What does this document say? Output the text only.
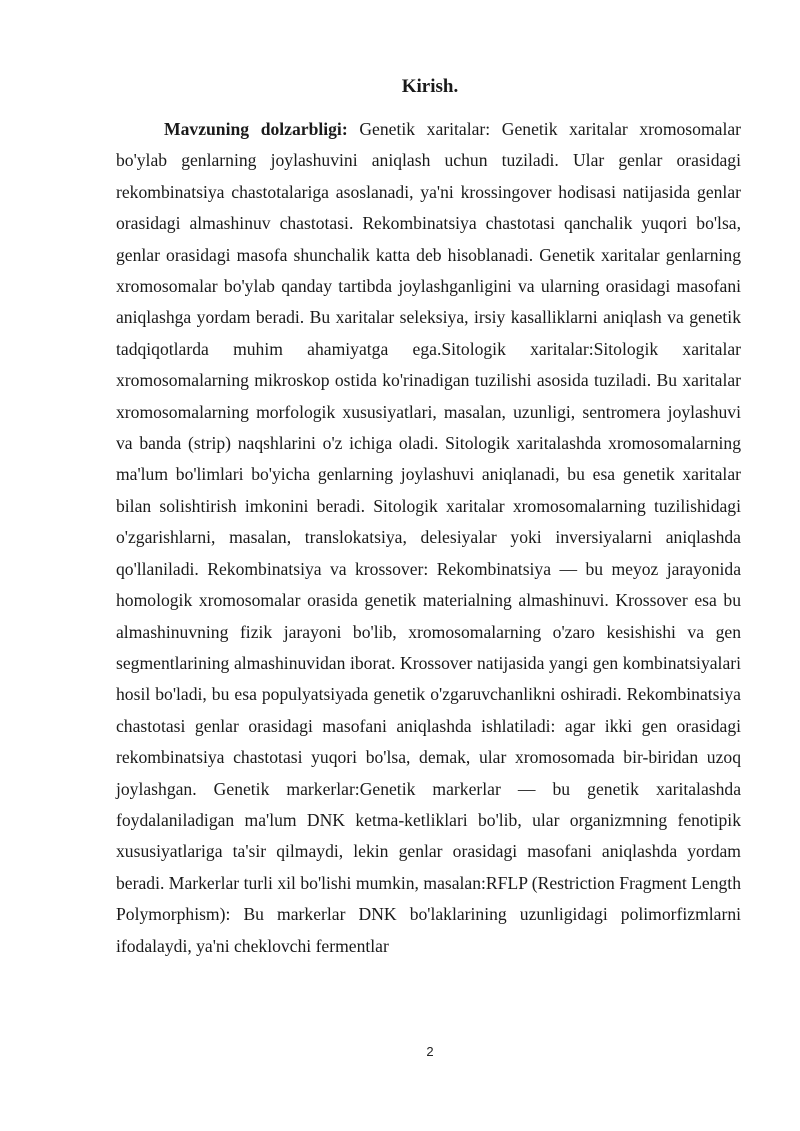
Kirish.

Mavzuning dolzarbligi: Genetik xaritalar: Genetik xaritalar xromosomalar bo'ylab genlarning joylashuvini aniqlash uchun tuziladi. Ular genlar orasidagi rekombinatsiya chastotalariga asoslanadi, ya'ni krossingover hodisasi natijasida genlar orasidagi almashinuv chastotasi. Rekombinatsiya chastotasi qanchalik yuqori bo'lsa, genlar orasidagi masofa shunchalik katta deb hisoblanadi. Genetik xaritalar genlarning xromosomalar bo'ylab qanday tartibda joylashganligini va ularning orasidagi masofani aniqlashga yordam beradi. Bu xaritalar seleksiya, irsiy kasalliklarni aniqlash va genetik tadqiqotlarda muhim ahamiyatga ega.Sitologik xaritalar:Sitologik xaritalar xromosomalarning mikroskop ostida ko'rinadigan tuzilishi asosida tuziladi. Bu xaritalar xromosomalarning morfologik xususiyatlari, masalan, uzunligi, sentromera joylashuvi va banda (strip) naqshlarini o'z ichiga oladi. Sitologik xaritalashda xromosomalarning ma'lum bo'limlari bo'yicha genlarning joylashuvi aniqlanadi, bu esa genetik xaritalar bilan solishtirish imkonini beradi. Sitologik xaritalar xromosomalarning tuzilishidagi o'zgarishlarni, masalan, translokatsiya, delesiyalar yoki inversiyalarni aniqlashda qo'llaniladi. Rekombinatsiya va krossover: Rekombinatsiya — bu meyoz jarayonida homologik xromosomalar orasida genetik materialning almashinuvi. Krossover esa bu almashinuvning fizik jarayoni bo'lib, xromosomalarning o'zaro kesishishi va gen segmentlarining almashinuvidan iborat. Krossover natijasida yangi gen kombinatsiyalari hosil bo'ladi, bu esa populyatsiyada genetik o'zgaruvchanlikni oshiradi. Rekombinatsiya chastotasi genlar orasidagi masofani aniqlashda ishlatiladi: agar ikki gen orasidagi rekombinatsiya chastotasi yuqori bo'lsa, demak, ular xromosomada bir-biridan uzoq joylashgan. Genetik markerlar:Genetik markerlar — bu genetik xaritalashda foydalaniladigan ma'lum DNK ketma-ketliklari bo'lib, ular organizmning fenotipik xususiyatlariga ta'sir qilmaydi, lekin genlar orasidagi masofani aniqlashda yordam beradi. Markerlar turli xil bo'lishi mumkin, masalan:RFLP (Restriction Fragment Length Polymorphism): Bu markerlar DNK bo'laklarining uzunligidagi polimorfizmlarni ifodalaydi, ya'ni cheklovchi fermentlar

2
